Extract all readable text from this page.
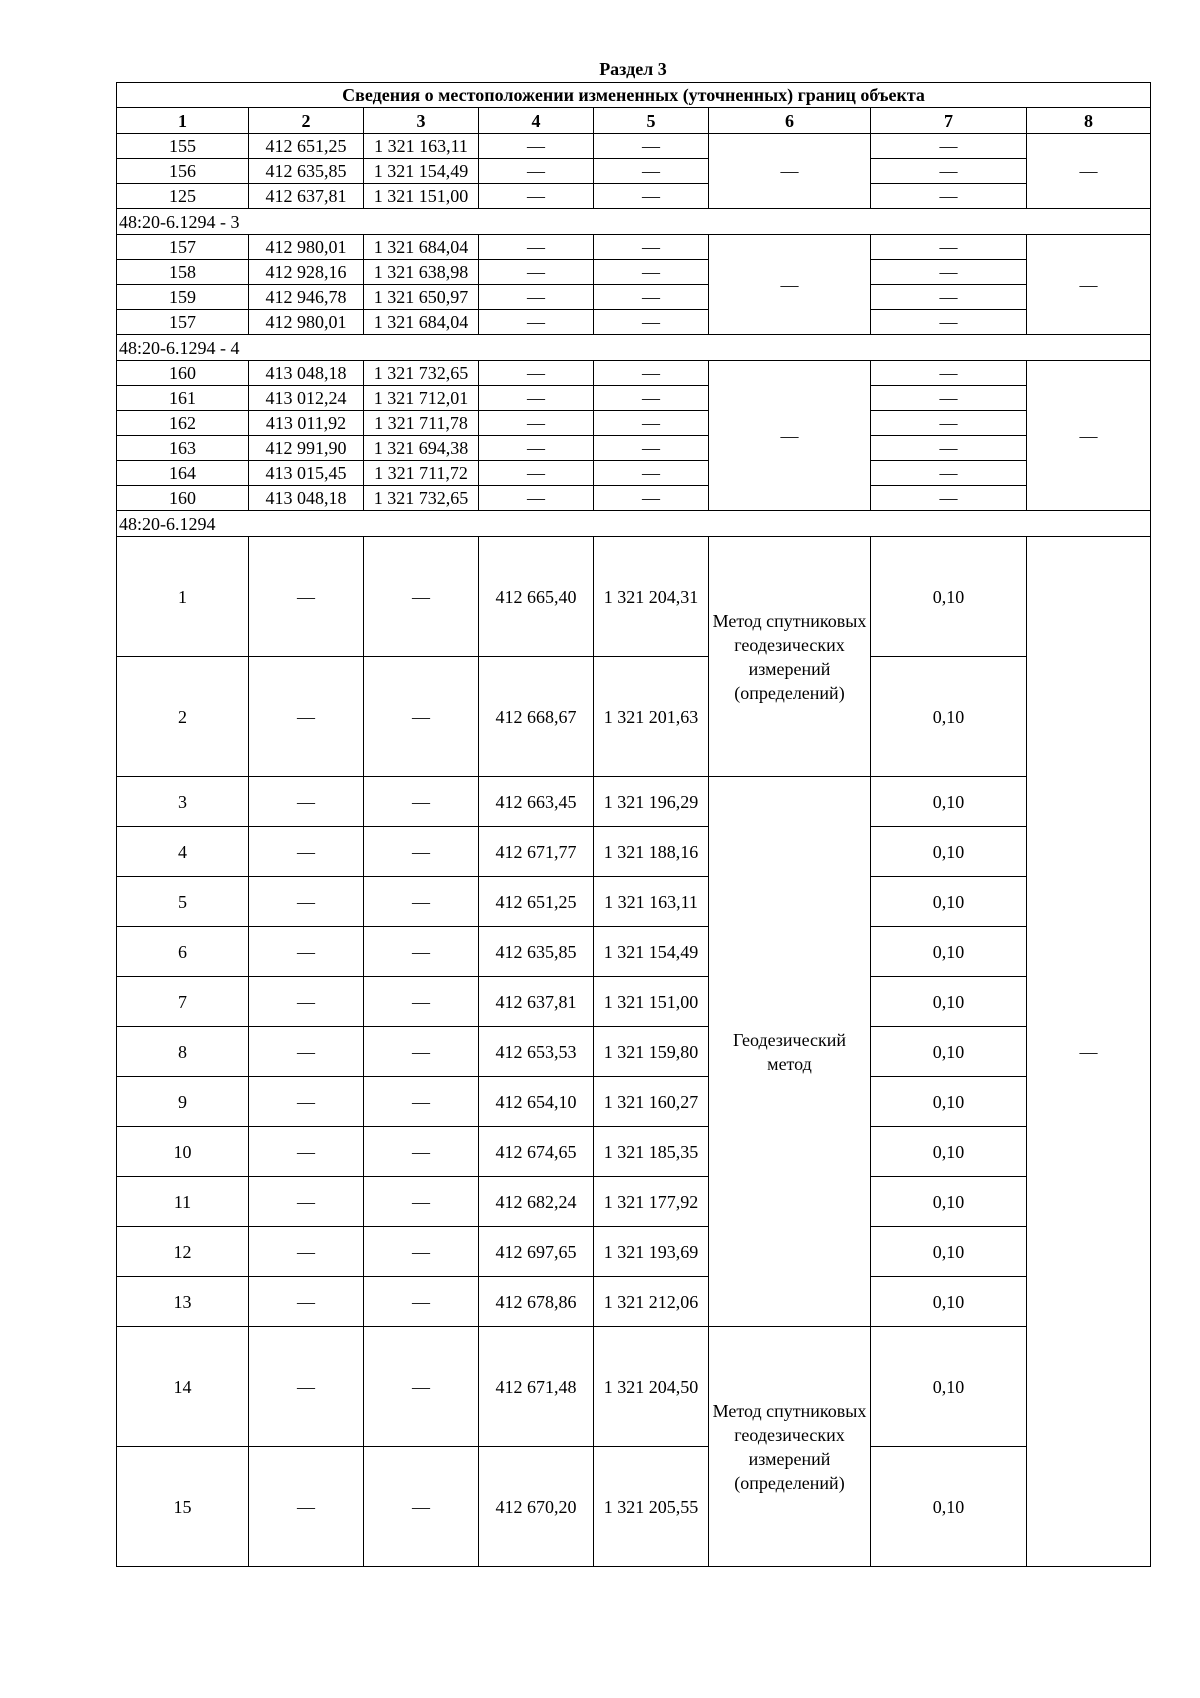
Раздел 3
Сведения о местоположении измененных (уточненных) границ объекта							
1	2	3	4	5	6	7	8
155	412 651,25	1 321 163,11	—	—	—	—	—
156	412 635,85	1 321 154,49	—	—		—	
125	412 637,81	1 321 151,00	—	—		—	
48:20-6.1294 - 3							
157	412 980,01	1 321 684,04	—	—	—	—	—
158	412 928,16	1 321 638,98	—	—		—	
159	412 946,78	1 321 650,97	—	—		—	
157	412 980,01	1 321 684,04	—	—		—	
48:20-6.1294 - 4							
160	413 048,18	1 321 732,65	—	—	—	—	—
161	413 012,24	1 321 712,01	—	—		—	
162	413 011,92	1 321 711,78	—	—		—	
163	412 991,90	1 321 694,38	—	—		—	
164	413 015,45	1 321 711,72	—	—		—	
160	413 048,18	1 321 732,65	—	—		—	
48:20-6.1294							
1	—	—	412 665,40	1 321 204,31	Метод спутниковых геодезических измерений (определений)	0,10	—
2	—	—	412 668,67	1 321 201,63		0,10	
3	—	—	412 663,45	1 321 196,29	Геодезический метод	0,10	
4	—	—	412 671,77	1 321 188,16		0,10	
5	—	—	412 651,25	1 321 163,11		0,10	
6	—	—	412 635,85	1 321 154,49		0,10	
7	—	—	412 637,81	1 321 151,00		0,10	
8	—	—	412 653,53	1 321 159,80		0,10	
9	—	—	412 654,10	1 321 160,27		0,10	
10	—	—	412 674,65	1 321 185,35		0,10	
11	—	—	412 682,24	1 321 177,92		0,10	
12	—	—	412 697,65	1 321 193,69		0,10	
13	—	—	412 678,86	1 321 212,06		0,10	
14	—	—	412 671,48	1 321 204,50	Метод спутниковых геодезических измерений (определений)	0,10	
15	—	—	412 670,20	1 321 205,55		0,10	
